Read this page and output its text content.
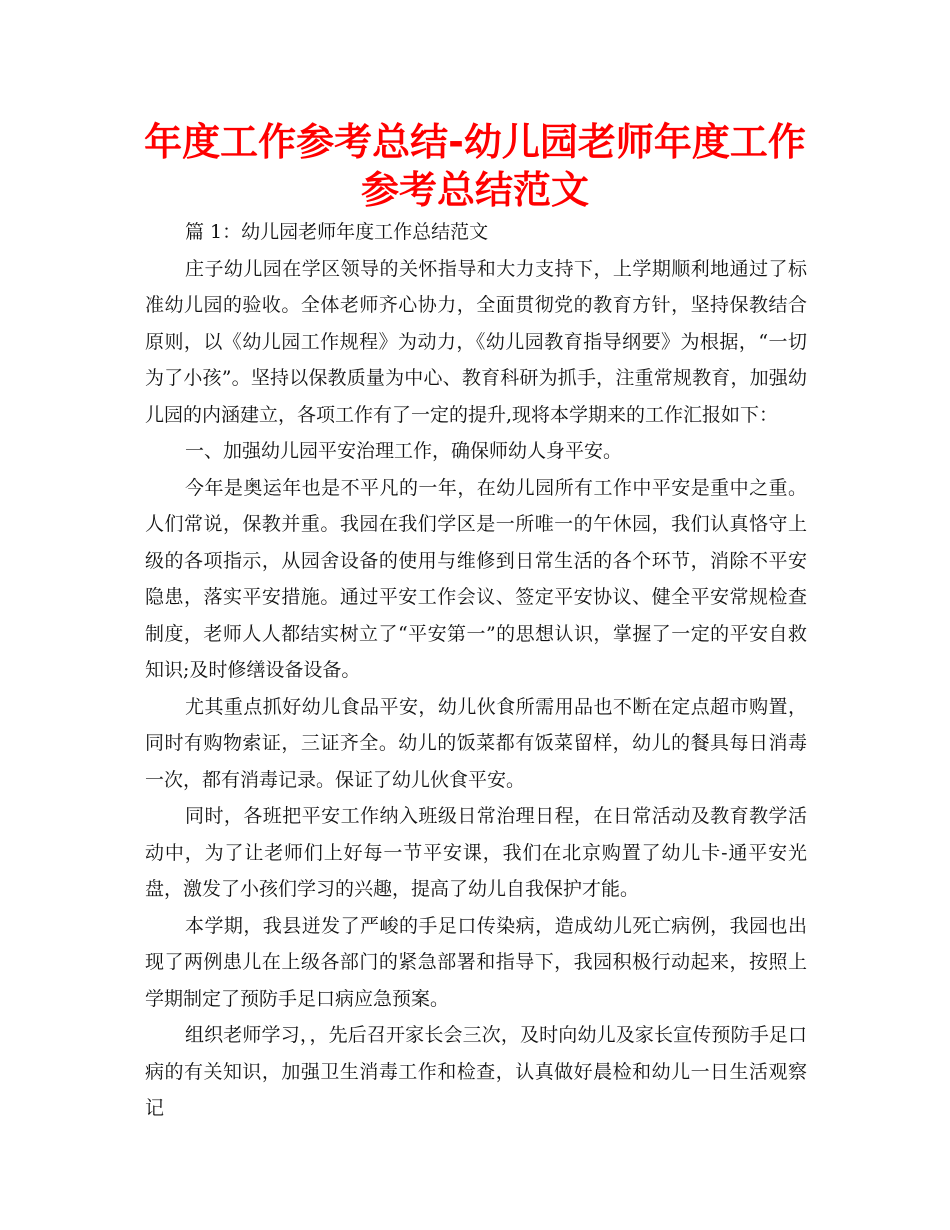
年度工作参考总结-幼儿园老师年度工作参考总结范文

篇 1：幼儿园老师年度工作总结范文

庄子幼儿园在学区领导的关怀指导和大力支持下，上学期顺利地通过了标准幼儿园的验收。全体老师齐心协力，全面贯彻党的教育方针，坚持保教结合原则，以《幼儿园工作规程》为动力，《幼儿园教育指导纲要》为根据，“一切为了小孩”。坚持以保教质量为中心、教育科研为抓手，注重常规教育，加强幼儿园的内涵建立，各项工作有了一定的提升,现将本学期来的工作汇报如下：

一、加强幼儿园平安治理工作，确保师幼人身平安。

今年是奥运年也是不平凡的一年，在幼儿园所有工作中平安是重中之重。人们常说，保教并重。我园在我们学区是一所唯一的午休园，我们认真恪守上级的各项指示，从园舍设备的使用与维修到日常生活的各个环节，消除不平安隐患，落实平安措施。通过平安工作会议、签定平安协议、健全平安常规检查制度，老师人人都结实树立了“平安第一”的思想认识，掌握了一定的平安自救知识;及时修缮设备设备。

尤其重点抓好幼儿食品平安，幼儿伙食所需用品也不断在定点超市购置，同时有购物索证，三证齐全。幼儿的饭菜都有饭菜留样，幼儿的餐具每日消毒一次，都有消毒记录。保证了幼儿伙食平安。

同时，各班把平安工作纳入班级日常治理日程，在日常活动及教育教学活动中，为了让老师们上好每一节平安课，我们在北京购置了幼儿卡-通平安光盘，激发了小孩们学习的兴趣，提高了幼儿自我保护才能。

本学期，我县迸发了严峻的手足口传染病，造成幼儿死亡病例，我园也出现了两例患儿在上级各部门的紧急部署和指导下，我园积极行动起来，按照上学期制定了预防手足口病应急预案。

组织老师学习，，先后召开家长会三次，及时向幼儿及家长宣传预防手足口病的有关知识，加强卫生消毒工作和检查，认真做好晨检和幼儿一日生活观察记
